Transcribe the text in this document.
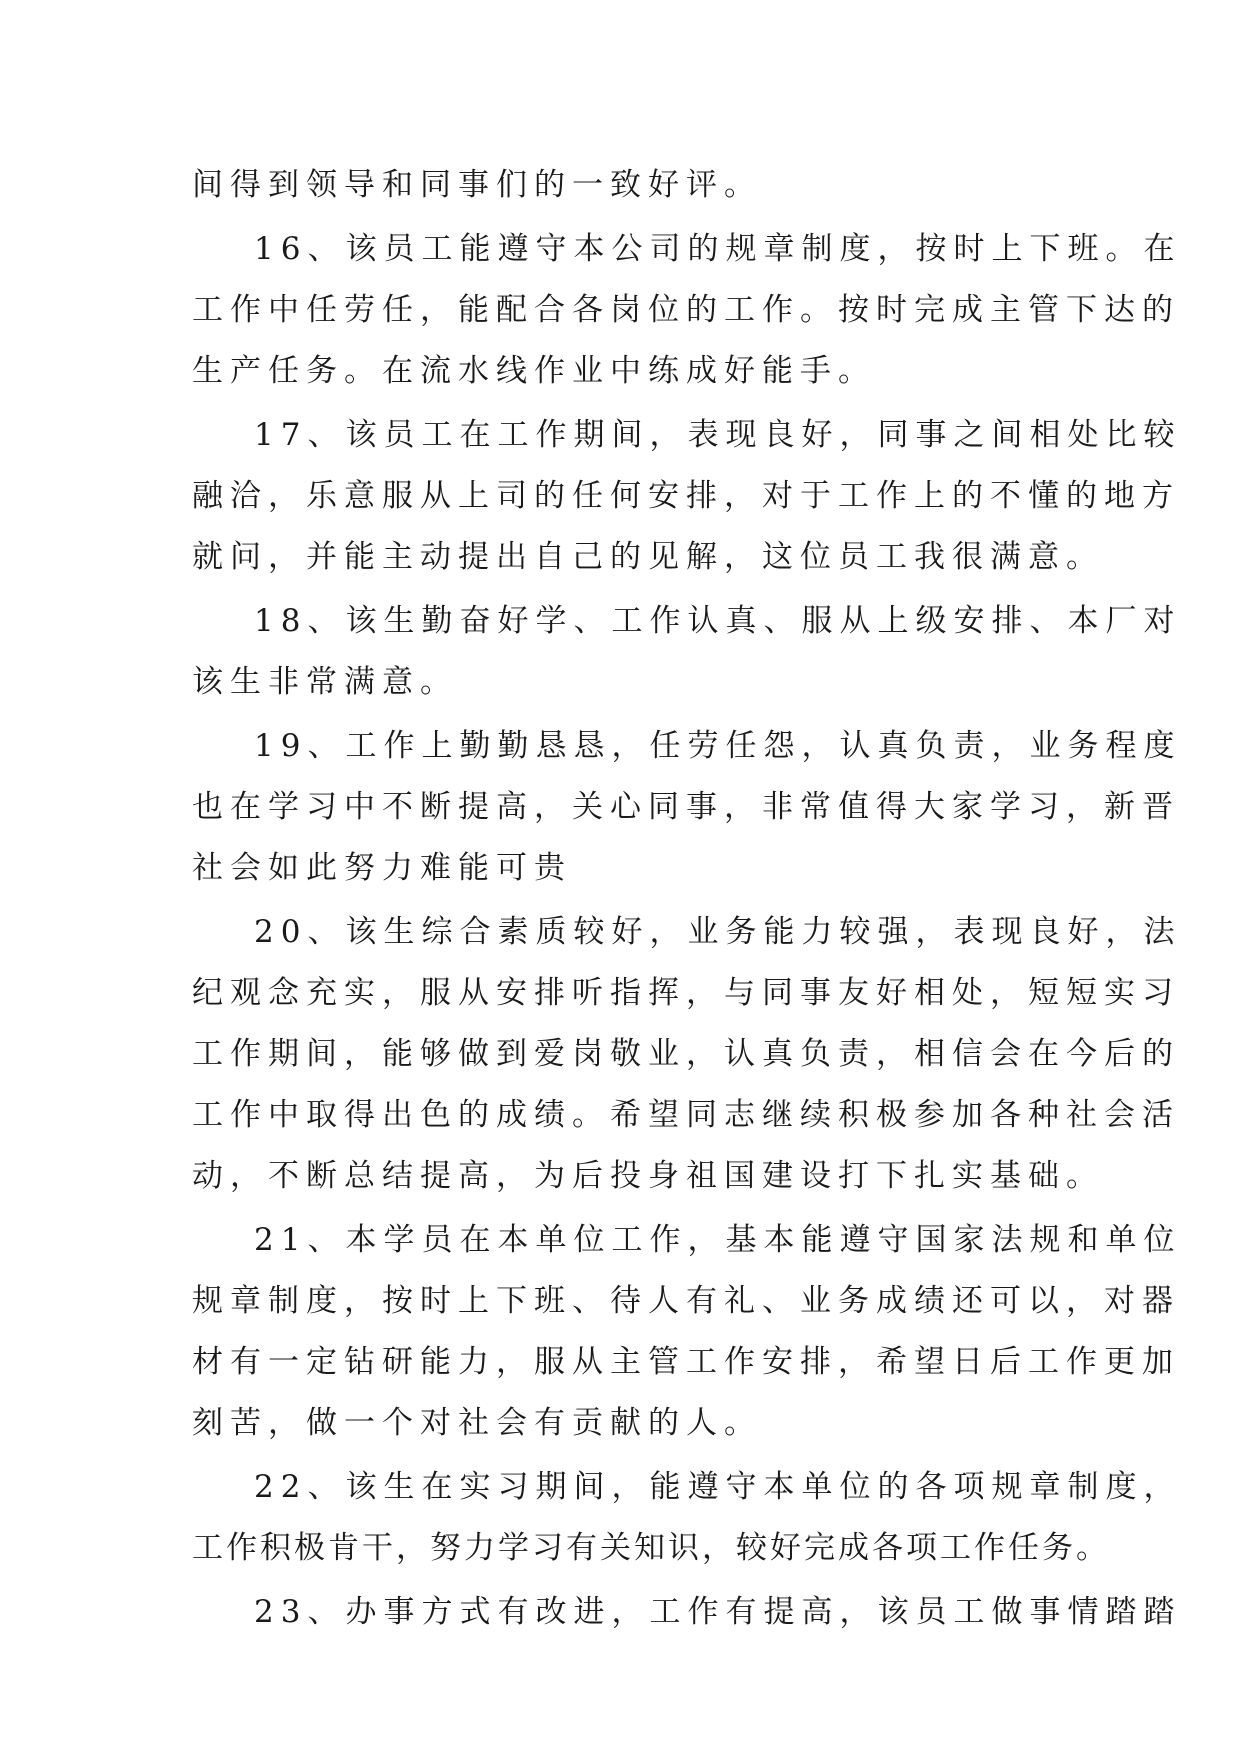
间得到领导和同事们的一致好评。
16、该员工能遵守本公司的规章制度，按时上下班。在
工作中任劳任，能配合各岗位的工作。按时完成主管下达的
生产任务。在流水线作业中练成好能手。
17、该员工在工作期间，表现良好，同事之间相处比较
融洽，乐意服从上司的任何安排，对于工作上的不懂的地方
就问，并能主动提出自己的见解，这位员工我很满意。
18、该生勤奋好学、工作认真、服从上级安排、本厂对
该生非常满意。
19、工作上勤勤恳恳，任劳任怨，认真负责，业务程度
也在学习中不断提高，关心同事，非常值得大家学习，新晋
社会如此努力难能可贵
20、该生综合素质较好，业务能力较强，表现良好，法
纪观念充实，服从安排听指挥，与同事友好相处，短短实习
工作期间，能够做到爱岗敬业，认真负责，相信会在今后的
工作中取得出色的成绩。希望同志继续积极参加各种社会活
动，不断总结提高，为后投身祖国建设打下扎实基础。
21、本学员在本单位工作，基本能遵守国家法规和单位
规章制度，按时上下班、待人有礼、业务成绩还可以，对器
材有一定钻研能力，服从主管工作安排，希望日后工作更加
刻苦，做一个对社会有贡献的人。
22、该生在实习期间，能遵守本单位的各项规章制度，
工作积极肯干，努力学习有关知识，较好完成各项工作任务。
23、办事方式有改进，工作有提高，该员工做事情踏踏
